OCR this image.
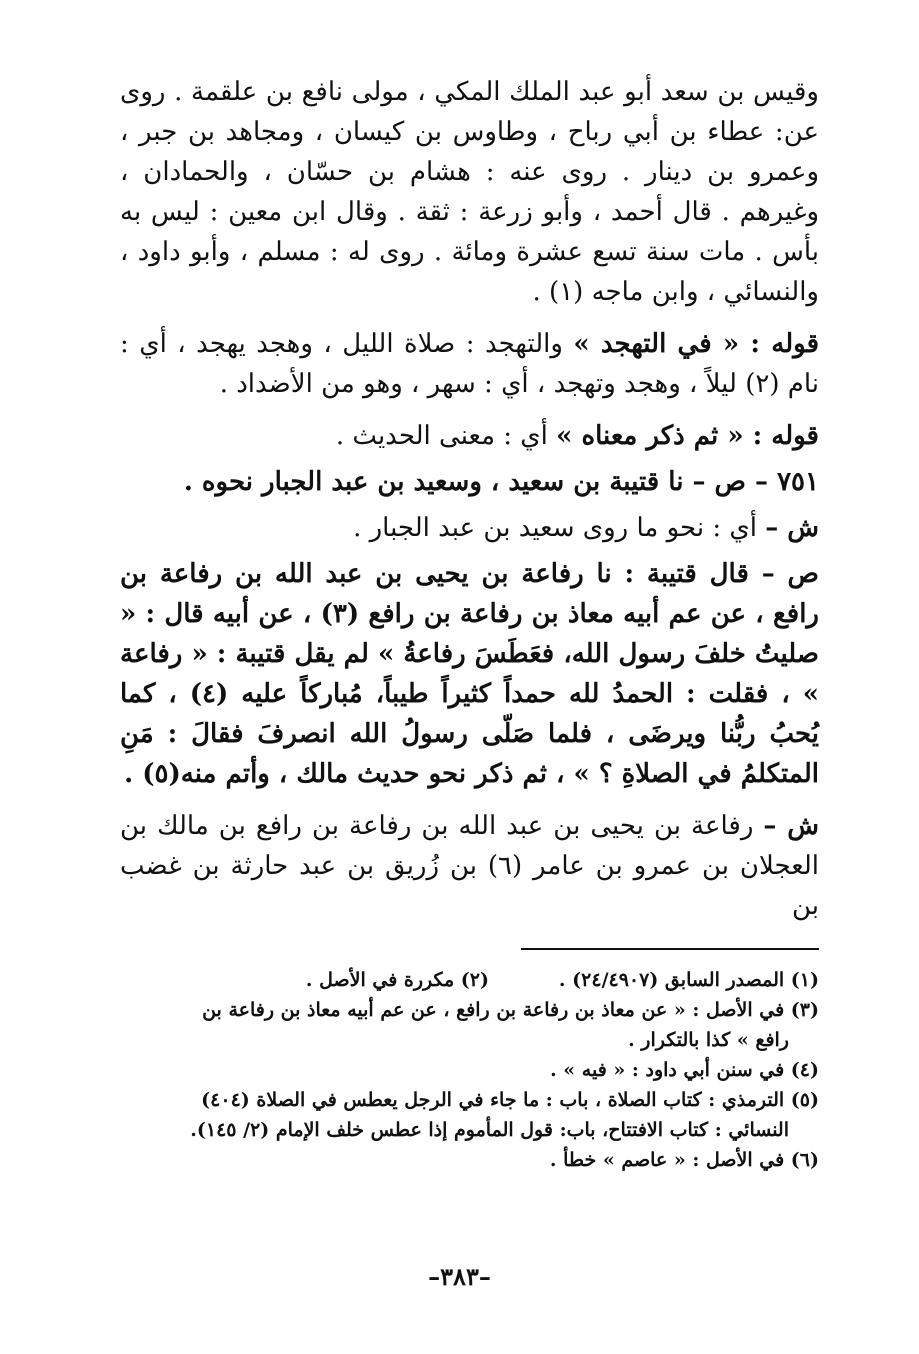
وقيس بن سعد أبو عبد الملك المكي ، مولى نافع بن علقمة . روى عن: عطاء بن أبي رباح ، وطاوس بن كيسان ، ومجاهد بن جبر ، وعمرو بن دينار . روى عنه : هشام بن حسّان ، والحمادان ، وغيرهم . قال أحمد ، وأبو زرعة : ثقة . وقال ابن معين : ليس به بأس . مات سنة تسع عشرة ومائة . روى له : مسلم ، وأبو داود ، والنسائي ، وابن ماجه (١) .

قوله : « في التهجد » والتهجد : صلاة الليل ، وهجد يهجد ، أي : نام (٢) ليلاً ، وهجد وتهجد ، أي : سهر ، وهو من الأضداد .

قوله : « ثم ذكر معناه » أي : معنى الحديث .

٧٥١ – ص – نا قتيبة بن سعيد ، وسعيد بن عبد الجبار نحوه .

ش – أي : نحو ما روى سعيد بن عبد الجبار .

ص – قال قتيبة : نا رفاعة بن يحيى بن عبد الله بن رفاعة بن رافع ، عن عم أبيه معاذ بن رفاعة بن رافع (٣) ، عن أبيه قال : « صليتُ خلفَ رسول الله، فعَطَسَ رفاعةُ » لم يقل قتيبة : « رفاعة » ، فقلت : الحمدُ لله حمداً كثيراً طيباً، مُباركاً عليه (٤) ، كما يُحبُ ربُّنا ويرضَى ، فلما صَلّى رسولُ الله انصرفَ فقالَ : مَنِ المتكلمُ في الصلاةِ ؟ » ، ثم ذكر نحو حديث مالك ، وأتم منه(٥) .

ش – رفاعة بن يحيى بن عبد الله بن رفاعة بن رافع بن مالك بن العجلان بن عمرو بن عامر (٦) بن زُريق بن عبد حارثة بن غضب بن

(١) المصدر السابق (٢٤/٤٩٠٧) .
(٢) مكررة في الأصل .
(٣) في الأصل : « عن معاذ بن رفاعة بن رافع ، عن عم أبيه معاذ بن رفاعة بن
رافع » كذا بالتكرار .
(٤) في سنن أبي داود : « فيه » .
(٥) الترمذي : كتاب الصلاة ، باب : ما جاء في الرجل يعطس في الصلاة (٤٠٤)
النسائي : كتاب الافتتاح، باب: قول المأموم إذا عطس خلف الإمام (٢/ ١٤٥).
(٦) في الأصل : « عاصم » خطأ .
–٣٨٣–
